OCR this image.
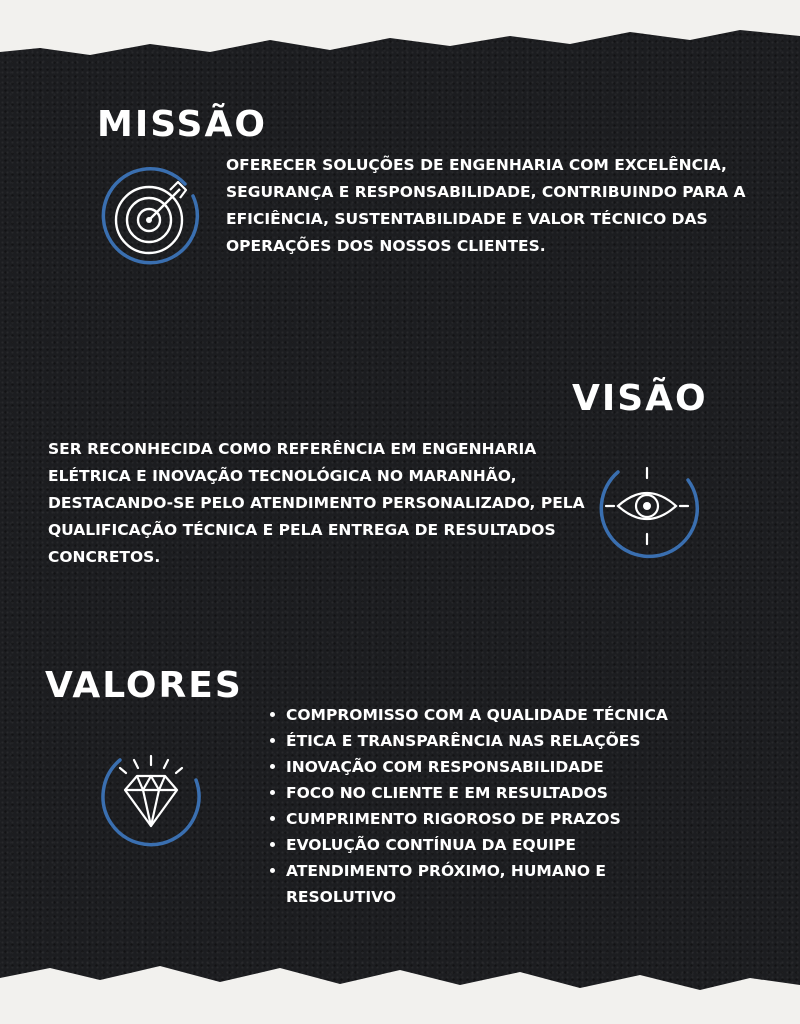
MISSÃO

OFERECER SOLUÇÕES DE ENGENHARIA COM EXCELÊNCIA, SEGURANÇA E RESPONSABILIDADE, CONTRIBUINDO PARA A EFICIÊNCIA, SUSTENTABILIDADE E VALOR TÉCNICO DAS OPERAÇÕES DOS NOSSOS CLIENTES.

VISÃO

SER RECONHECIDA COMO REFERÊNCIA EM ENGENHARIA ELÉTRICA E INOVAÇÃO TECNOLÓGICA NO MARANHÃO, DESTACANDO-SE PELO ATENDIMENTO PERSONALIZADO, PELA QUALIFICAÇÃO TÉCNICA E PELA ENTREGA DE RESULTADOS CONCRETOS.

VALORES
COMPROMISSO COM A QUALIDADE TÉCNICA
ÉTICA E TRANSPARÊNCIA NAS RELAÇÕES
INOVAÇÃO COM RESPONSABILIDADE
FOCO NO CLIENTE E EM RESULTADOS
CUMPRIMENTO RIGOROSO DE PRAZOS
EVOLUÇÃO CONTÍNUA DA EQUIPE
ATENDIMENTO PRÓXIMO, HUMANO E RESOLUTIVO
